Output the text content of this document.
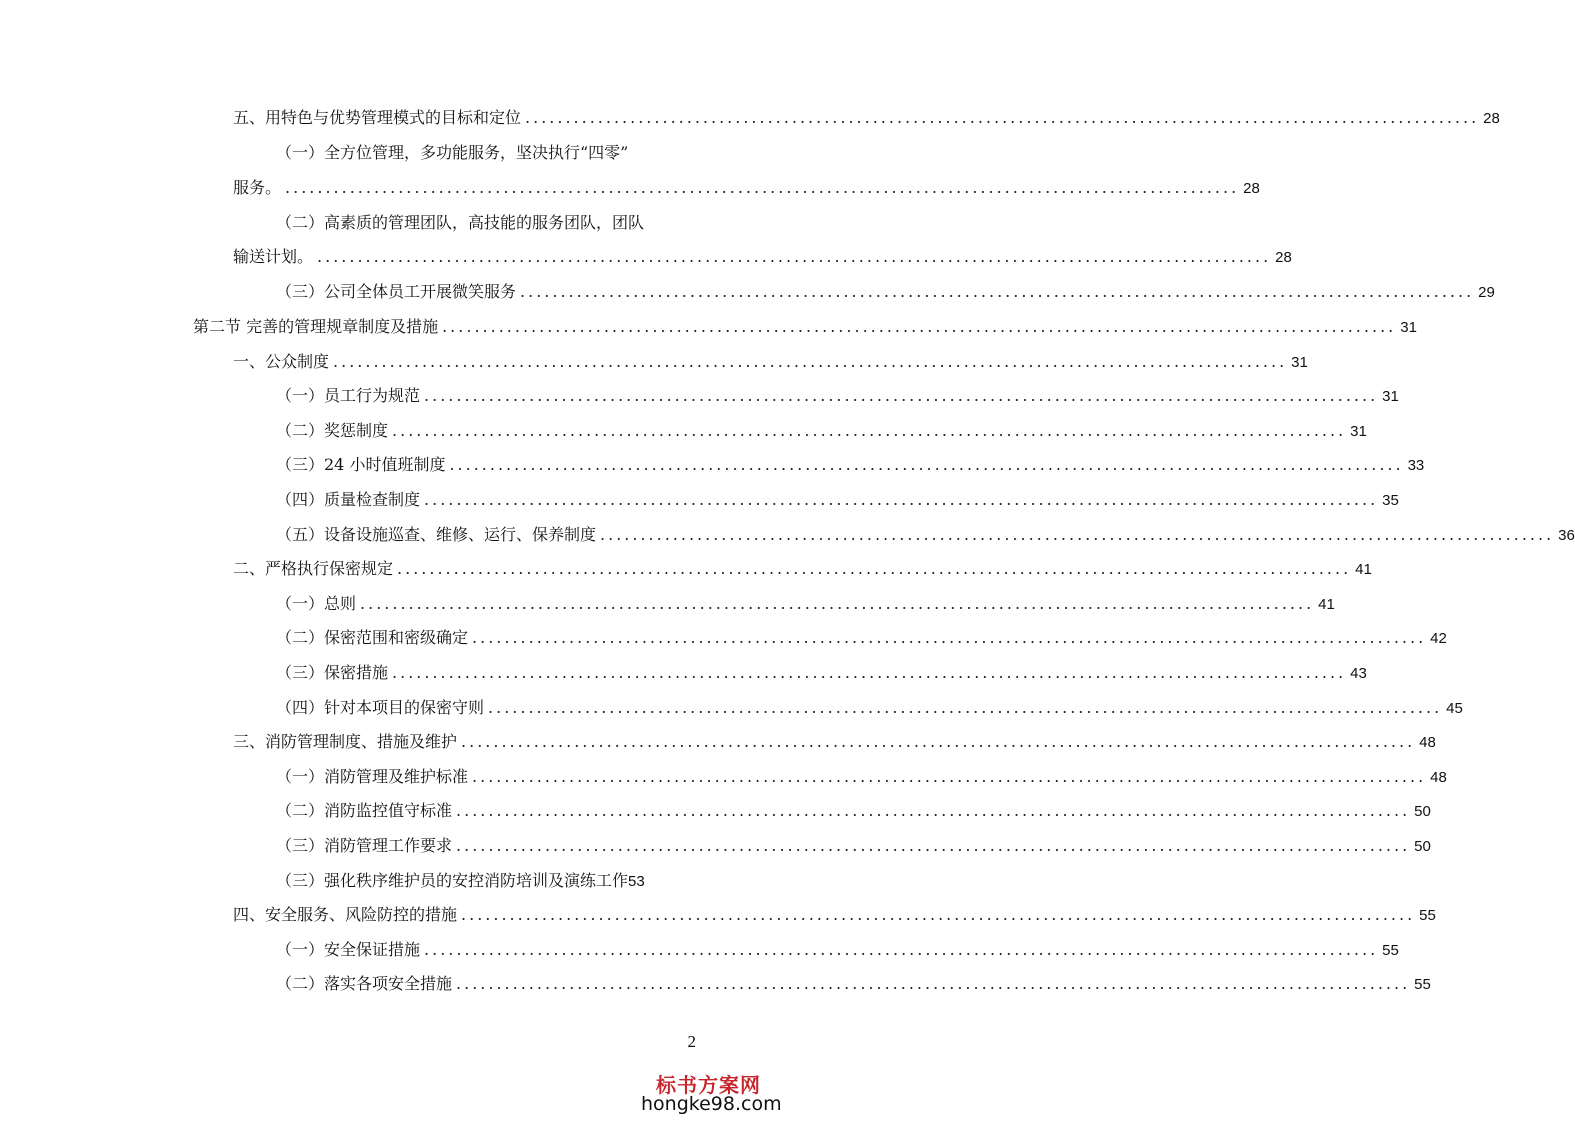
五、用特色与优势管理模式的目标和定位 ...................................................................................................................... 28
（一）全方位管理，多功能服务，坚决执行“四零”
服务。 ...................................................................................................................... 28
（二）高素质的管理团队，高技能的服务团队，团队
输送计划。 ...................................................................................................................... 28
（三）公司全体员工开展微笑服务 ...................................................................................................................... 29
第二节 完善的管理规章制度及措施 ...................................................................................................................... 31
一、公众制度 ...................................................................................................................... 31
（一）员工行为规范 ...................................................................................................................... 31
（二）奖惩制度 ...................................................................................................................... 31
（三）24 小时值班制度 ...................................................................................................................... 33
（四）质量检查制度 ...................................................................................................................... 35
（五）设备设施巡查、维修、运行、保养制度 ...................................................................................................................... 36
二、严格执行保密规定 ...................................................................................................................... 41
（一）总则 ...................................................................................................................... 41
（二）保密范围和密级确定 ...................................................................................................................... 42
（三）保密措施 ...................................................................................................................... 43
（四）针对本项目的保密守则 ...................................................................................................................... 45
三、消防管理制度、措施及维护 ...................................................................................................................... 48
（一）消防管理及维护标准 ...................................................................................................................... 48
（二）消防监控值守标准 ...................................................................................................................... 50
（三）消防管理工作要求 ...................................................................................................................... 50
（三）强化秩序维护员的安控消防培训及演练工作 53
四、安全服务、风险防控的措施 ...................................................................................................................... 55
（一）安全保证措施 ...................................................................................................................... 55
（二）落实各项安全措施 ...................................................................................................................... 55
2
标书方案网
hongke98.com
